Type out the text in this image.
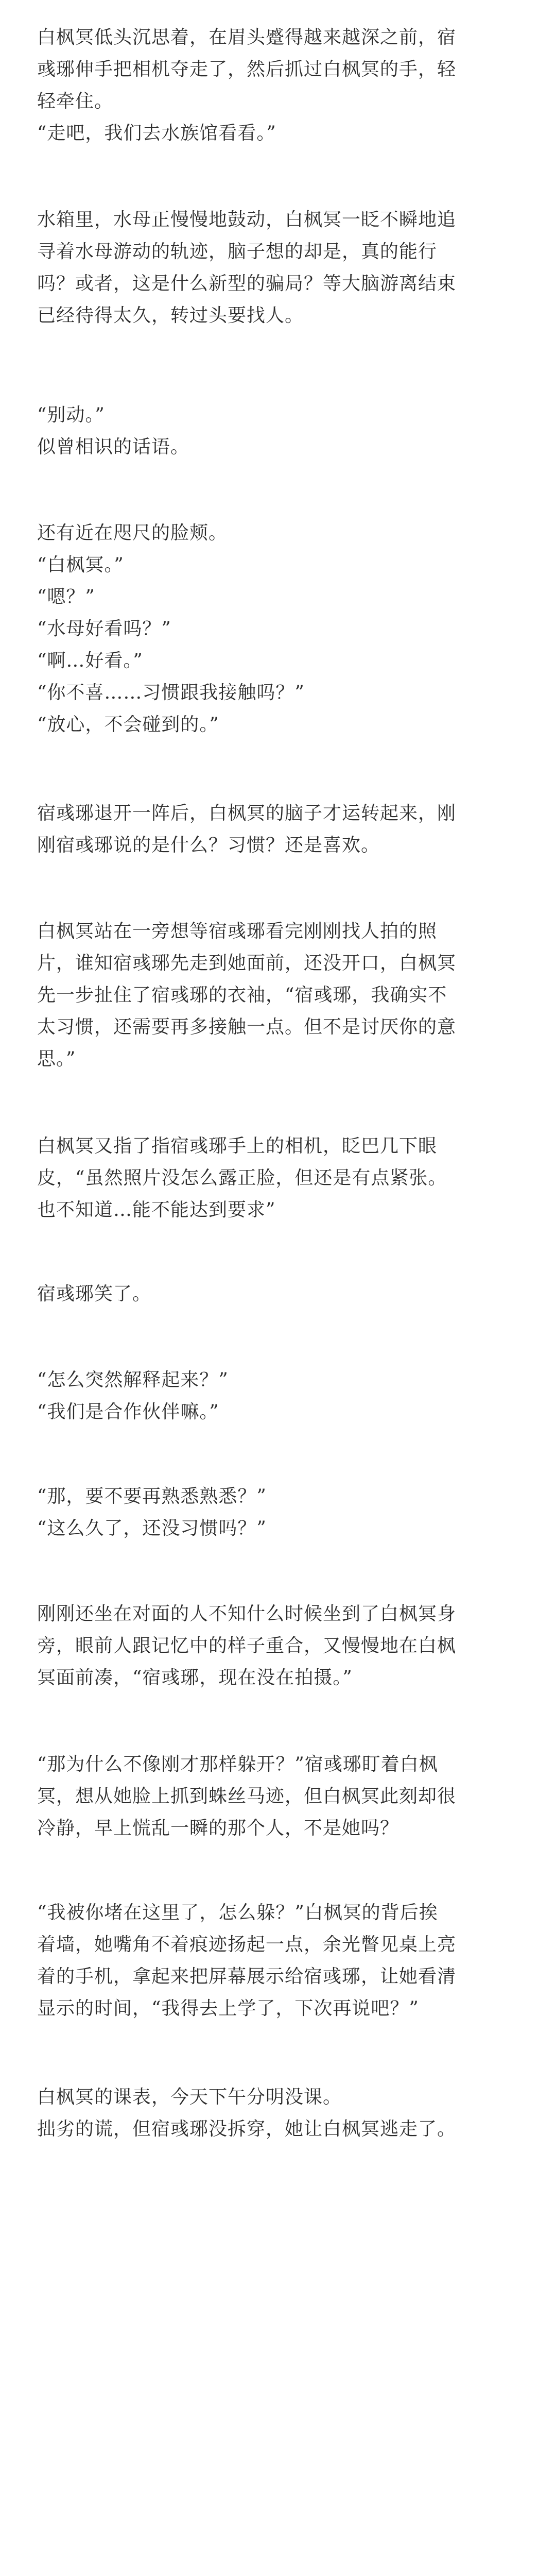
白枫冥低头沉思着，在眉头蹙得越来越深之前，宿
彧琊伸手把相机夺走了，然后抓过白枫冥的手，轻
轻牵住。
“走吧，我们去水族馆看看。”

水箱里，水母正慢慢地鼓动，白枫冥一眨不瞬地追
寻着水母游动的轨迹，脑子想的却是，真的能行
吗？或者，这是什么新型的骗局？等大脑游离结束
已经待得太久，转过头要找人。

“别动。”
似曾相识的话语。

还有近在咫尺的脸颊。
“白枫冥。”
“嗯？”
“水母好看吗？”
“啊…好看。”
“你不喜……习惯跟我接触吗？”
“放心，不会碰到的。”

宿彧琊退开一阵后，白枫冥的脑子才运转起来，刚
刚宿彧琊说的是什么？习惯？还是喜欢。

白枫冥站在一旁想等宿彧琊看完刚刚找人拍的照
片，谁知宿彧琊先走到她面前，还没开口，白枫冥
先一步扯住了宿彧琊的衣袖，“宿彧琊，我确实不
太习惯，还需要再多接触一点。但不是讨厌你的意
思。”

白枫冥又指了指宿彧琊手上的相机，眨巴几下眼
皮，“虽然照片没怎么露正脸，但还是有点紧张。
也不知道…能不能达到要求”

宿彧琊笑了。

“怎么突然解释起来？”
“我们是合作伙伴嘛。”

“那，要不要再熟悉熟悉？”
“这么久了，还没习惯吗？”

刚刚还坐在对面的人不知什么时候坐到了白枫冥身
旁，眼前人跟记忆中的样子重合，又慢慢地在白枫
冥面前凑，“宿彧琊，现在没在拍摄。”

“那为什么不像刚才那样躲开？”宿彧琊盯着白枫
冥，想从她脸上抓到蛛丝马迹，但白枫冥此刻却很
冷静，早上慌乱一瞬的那个人，不是她吗？

“我被你堵在这里了，怎么躲？”白枫冥的背后挨
着墙，她嘴角不着痕迹扬起一点，余光瞥见桌上亮
着的手机，拿起来把屏幕展示给宿彧琊，让她看清
显示的时间，“我得去上学了，下次再说吧？”

白枫冥的课表，今天下午分明没课。
拙劣的谎，但宿彧琊没拆穿，她让白枫冥逃走了。
